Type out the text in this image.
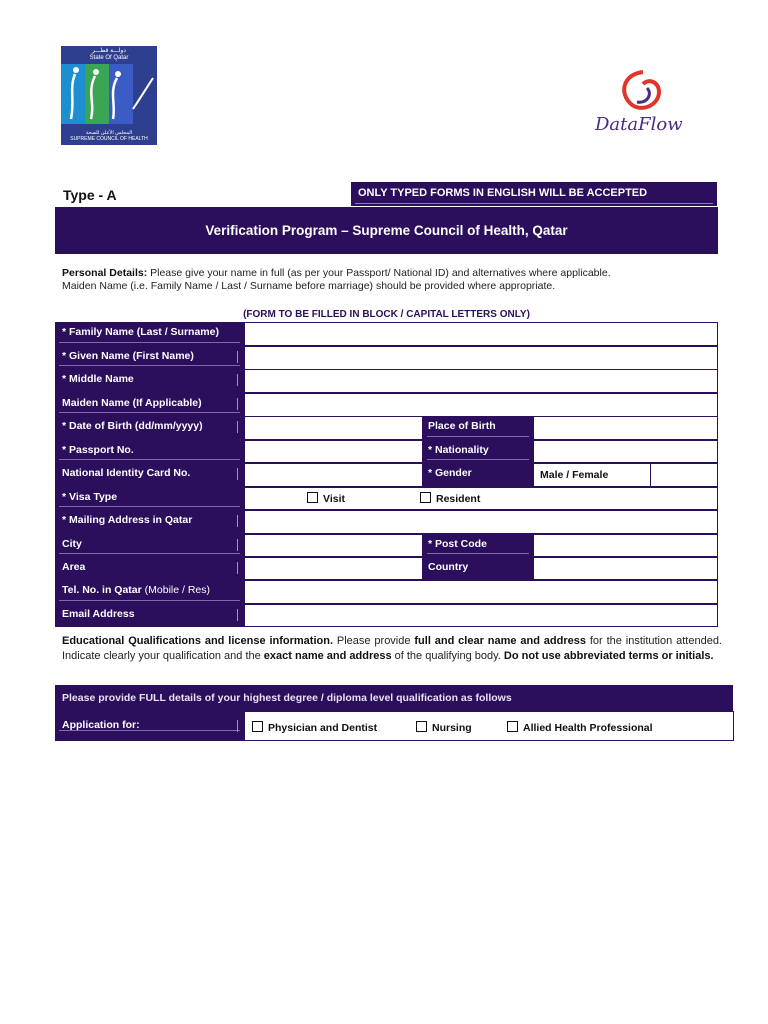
دولـــة قطـــر
State Of Qatar
المجلس الأعلى للصحة
SUPREME COUNCIL OF HEALTH
DataFlow
Type - A	ONLY TYPED FORMS IN ENGLISH WILL BE ACCEPTED
Verification Program – Supreme Council of Health, Qatar
Personal Details: Please give your name in full (as per your Passport/ National ID) and alternatives where applicable.
Maiden Name (i.e. Family Name / Last / Surname before marriage) should be provided where appropriate.
(FORM TO BE FILLED IN BLOCK / CAPITAL LETTERS ONLY)
* Family Name (Last / Surname)
* Given Name (First Name)
* Middle Name
Maiden Name (If Applicable)
* Date of Birth (dd/mm/yyyy)	Place of Birth
* Passport No.	* Nationality
National Identity Card No.	* Gender	Male / Female
* Visa Type	Visit	Resident
* Mailing Address in Qatar
City	* Post Code
Area	Country
Tel. No. in Qatar (Mobile / Res)
Email Address
Educational Qualifications and license information. Please provide full and clear name and address for the institution attended. Indicate clearly your qualification and the exact name and address of the qualifying body. Do not use abbreviated terms or initials.
Please provide FULL details of your highest degree / diploma level qualification as follows
Application for:	Physician and Dentist	Nursing	Allied Health Professional
